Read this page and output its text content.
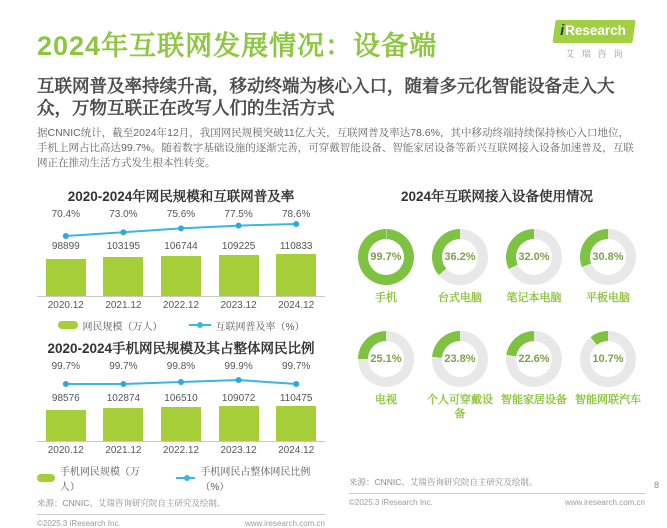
2024年互联网发展情况：设备端
iResearch
艾瑞咨询

互联网普及率持续升高，移动终端为核心入口，随着多元化智能设备走入大众，万物互联正在改写人们的生活方式

据CNNIC统计，截至2024年12月，我国网民规模突破11亿大关，互联网普及率达78.6%，其中移动终端持续保持核心入口地位，手机上网占比高达99.7%。随着数字基础设施的逐渐完善，可穿戴智能设备、智能家居设备等新兴互联网接入设备加速普及，互联网正在推动生活方式发生根本性转变。

2020-2024年网民规模和互联网普及率
70.4%
98899
73.0%
103195
75.6%
106744
77.5%
109225
78.6%
110833
2020.12	2021.12	2022.12	2023.12	2024.12
网民规模（万人）	互联网普及率（%）
2020-2024手机网民规模及其占整体网民比例
99.7%
98576
99.7%
102874
99.8%
106510
99.9%
109072
99.7%
110475
2020.12	2021.12	2022.12	2023.12	2024.12
手机网民规模（万人）
手机网民占整体网民比例（%）
来源：CNNIC、艾瑞咨询研究院自主研究及绘制。
©2025.3 iResearch Inc.	www.iresearch.com.cn
2024年互联网接入设备使用情况
99.7%
手机
36.2%
台式电脑
32.0%
笔记本电脑
30.8%
平板电脑
25.1%
电视
23.8%
个人可穿戴设备
22.6%
智能家居设备
10.7%
智能网联汽车
来源：CNNIC、艾瑞咨询研究院自主研究及绘制。
©2025.3 iResearch Inc.	www.iresearch.com.cn
8
